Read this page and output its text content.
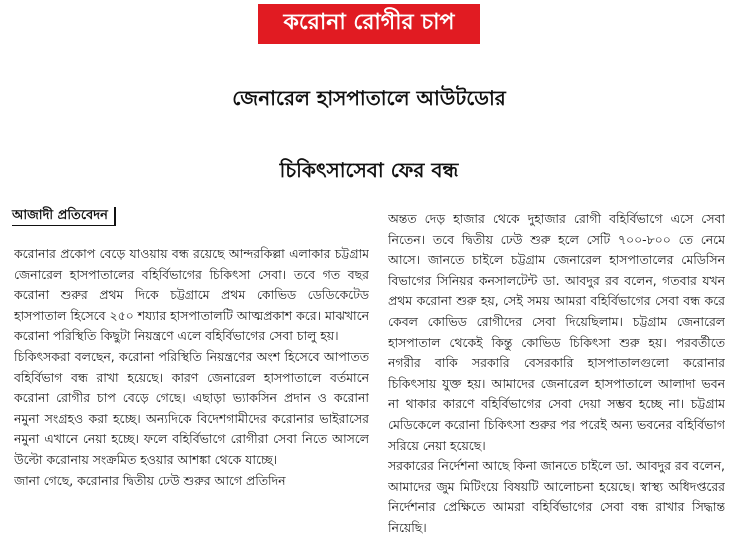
করোনা রোগীর চাপ
জেনারেল হাসপাতালে আউটডোর
চিকিৎসাসেবা ফের বন্ধ
আজাদী প্রতিবেদন

করোনার প্রকোপ বেড়ে যাওয়ায় বন্ধ রয়েছে আন্দরকিল্লা এলাকার চট্টগ্রাম জেনারেল হাসপাতালের বহির্বিভাগের চিকিৎসা সেবা। তবে গত বছর করোনা শুরুর প্রথম দিকে চট্টগ্রামে প্রথম কোভিড ডেডিকেটেড হাসপাতাল হিসেবে ২৫০ শয্যার হাসপাতালটি আত্মপ্রকাশ করে। মাঝখানে করোনা পরিস্থিতি কিছুটা নিয়ন্ত্রণে এলে বহির্বিভাগের সেবা চালু হয়।

চিকিৎসকরা বলছেন, করোনা পরিস্থিতি নিয়ন্ত্রণের অংশ হিসেবে আপাতত বহির্বিভাগ বন্ধ রাখা হয়েছে। কারণ জেনারেল হাসপাতালে বর্তমানে করোনা রোগীর চাপ বেড়ে গেছে। এছাড়া ভ্যাকসিন প্রদান ও করোনা নমুনা সংগ্রহও করা হচ্ছে। অন্যদিকে বিদেশগামীদের করোনার ভাইরাসের নমুনা এখানে নেয়া হচ্ছে। ফলে বহির্বিভাগে রোগীরা সেবা নিতে আসলে উল্টো করোনায় সংক্রমিত হওয়ার আশঙ্কা থেকে যাচ্ছে।

জানা গেছে, করোনার দ্বিতীয় ঢেউ শুরুর আগে প্রতিদিন

অন্তত দেড় হাজার থেকে দুহাজার রোগী বহির্বিভাগে এসে সেবা নিতেন। তবে দ্বিতীয় ঢেউ শুরু হলে সেটি ৭০০-৮০০ তে নেমে আসে। জানতে চাইলে চট্টগ্রাম জেনারেল হাসপাতালের মেডিসিন বিভাগের সিনিয়র কনসালটেন্ট ডা. আবদুর রব বলেন, গতবার যখন প্রথম করোনা শুরু হয়, সেই সময় আমরা বহির্বিভাগের সেবা বন্ধ করে কেবল কোভিড রোগীদের সেবা দিয়েছিলাম। চট্টগ্রাম জেনারেল হাসপাতাল থেকেই কিন্তু কোভিড চিকিৎসা শুরু হয়। পরবর্তীতে নগরীর বাকি সরকারি বেসরকারি হাসপাতালগুলো করোনার চিকিৎসায় যুক্ত হয়। আমাদের জেনারেল হাসপাতালে আলাদা ভবন না থাকার কারণে বহির্বিভাগের সেবা দেয়া সম্ভব হচ্ছে না। চট্টগ্রাম মেডিকেলে করোনা চিকিৎসা শুরুর পর পরেই অন্য ভবনের বহির্বিভাগ সরিয়ে নেয়া হয়েছে।

সরকারের নির্দেশনা আছে কিনা জানতে চাইলে ডা. আবদুর রব বলেন, আমাদের জুম মিটিংয়ে বিষয়টি আলোচনা হয়েছে। স্বাস্থ্য অধিদপ্তরের নির্দেশনার প্রেক্ষিতে আমরা বহির্বিভাগের সেবা বন্ধ রাখার সিদ্ধান্ত নিয়েছি।
